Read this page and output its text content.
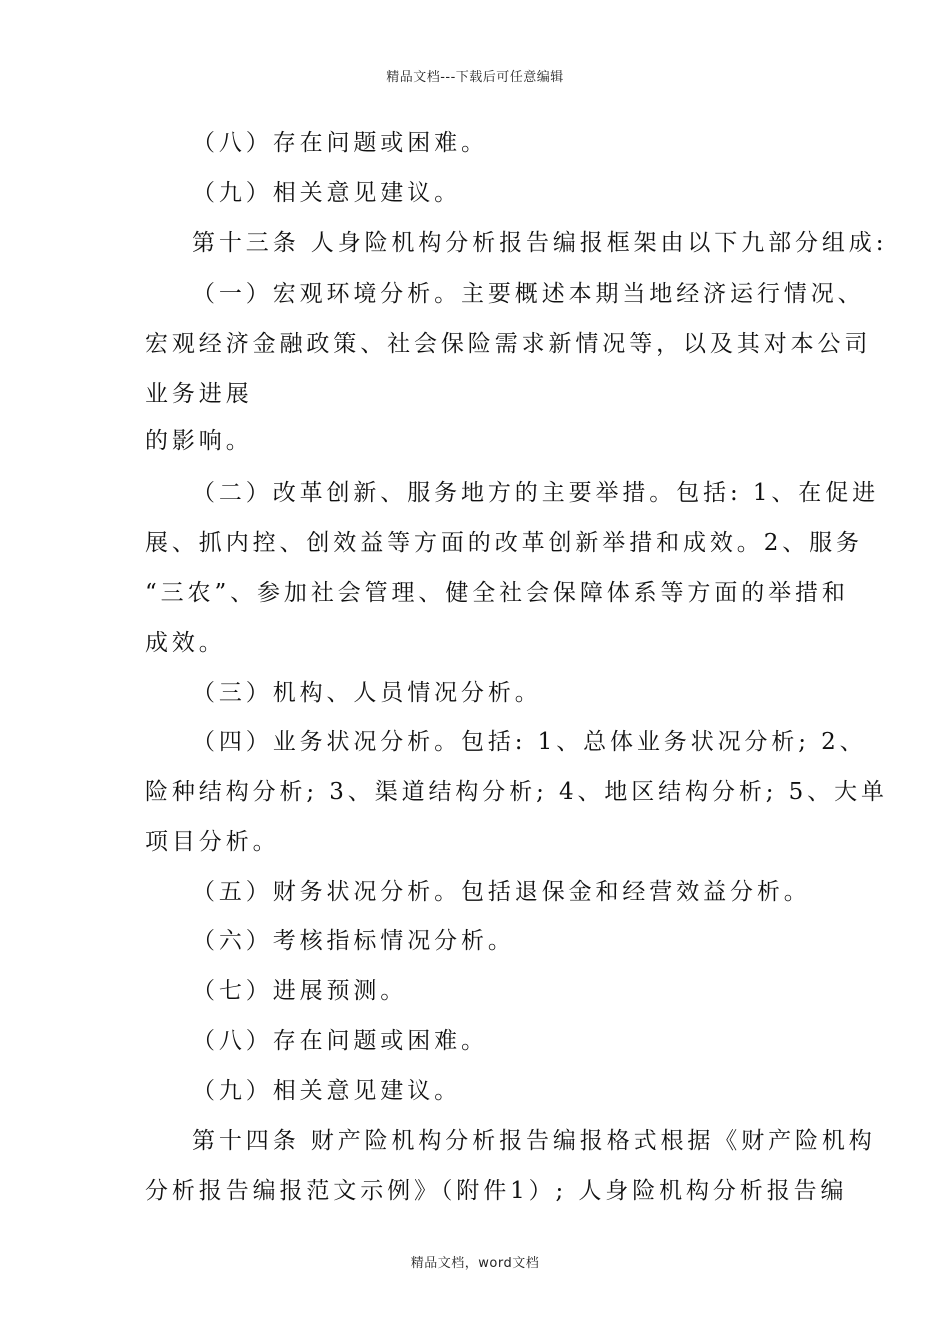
精品文档---下载后可任意编辑
（八）存在问题或困难。
（九）相关意见建议。
第十三条 人身险机构分析报告编报框架由以下九部分组成:
（一）宏观环境分析。主要概述本期当地经济运行情况、
宏观经济金融政策、社会保险需求新情况等，以及其对本公司
业务进展
的影响。
（二）改革创新、服务地方的主要举措。包括: 1、在促进
展、抓内控、创效益等方面的改革创新举措和成效。2、服务
“三农”、参加社会管理、健全社会保障体系等方面的举措和
成效。
（三）机构、人员情况分析。
（四）业务状况分析。包括: 1、总体业务状况分析; 2、
险种结构分析; 3、渠道结构分析; 4、地区结构分析; 5、大单
项目分析。
（五）财务状况分析。包括退保金和经营效益分析。
（六）考核指标情况分析。
（七）进展预测。
（八）存在问题或困难。
（九）相关意见建议。
第十四条 财产险机构分析报告编报格式根据《财产险机构
分析报告编报范文示例》（附件1）; 人身险机构分析报告编
精品文档，word文档
